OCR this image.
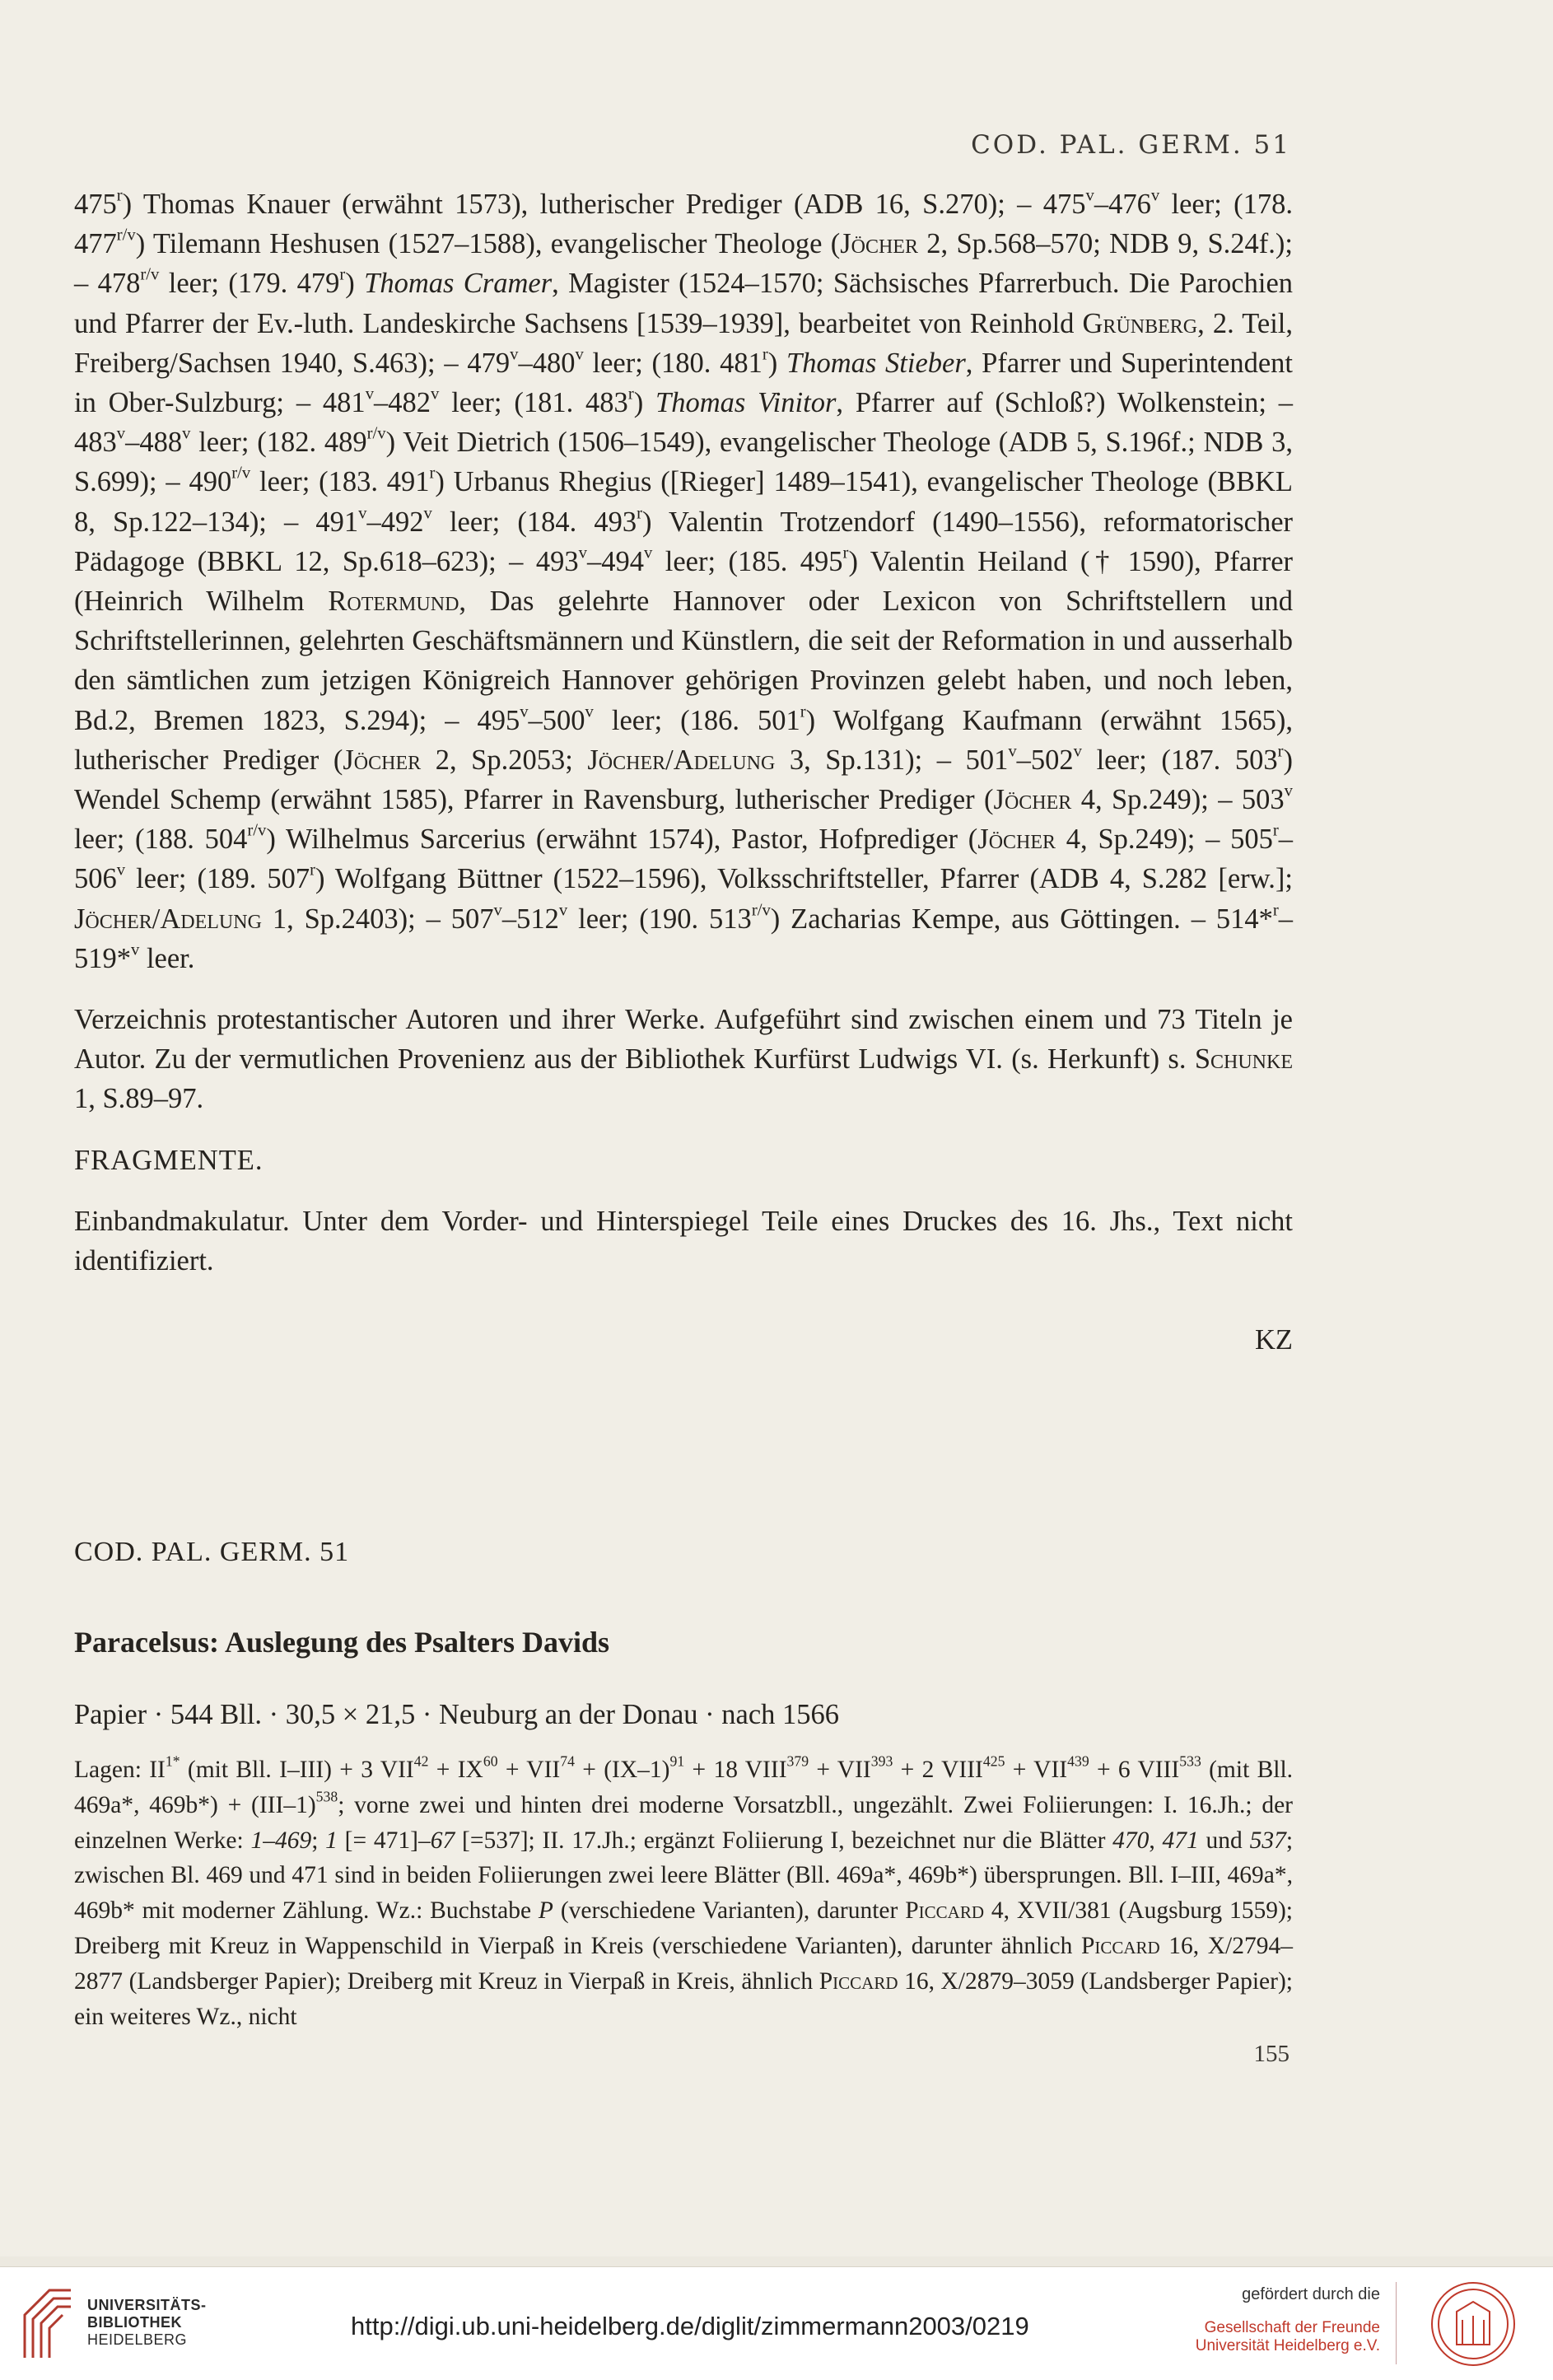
COD. PAL. GERM. 51

475$^r$) Thomas Knauer (erwähnt 1573), lutherischer Prediger (ADB 16, S.270); – 475$^v$–476$^v$ leer; (178. $477^{r/v}$) Tilemann Heshusen (1527–1588), evangelischer Theologe (Jöcher 2, Sp.568–570; NDB 9, S.24f.); – $478^{r/v}$ leer; (179. 479$^r$) Thomas Cramer, Magister (1524–1570; Sächsisches Pfarrerbuch. Die Parochien und Pfarrer der Ev.-luth. Landeskirche Sachsens [1539–1939], bearbeitet von Reinhold Grünberg, 2. Teil, Freiberg/Sachsen 1940, S.463); – 479$^v$–480$^v$ leer; (180. 481$^r$) Thomas Stieber, Pfarrer und Superintendent in Ober-Sulzburg; – 481$^v$–482$^v$ leer; (181. 483$^r$) Thomas Vinitor, Pfarrer auf (Schloß?) Wolkenstein; – 483$^v$–488$^v$ leer; (182. $489^{r/v}$) Veit Dietrich (1506–1549), evangelischer Theologe (ADB 5, S.196f.; NDB 3, S.699); – $490^{r/v}$ leer; (183. 491$^r$) Urbanus Rhegius ([Rieger] 1489–1541), evangelischer Theologe (BBKL 8, Sp.122–134); – 491$^v$–492$^v$ leer; (184. 493$^r$) Valentin Trotzendorf (1490–1556), reformatorischer Pädagoge (BBKL 12, Sp.618–623); – 493$^v$–494$^v$ leer; (185. 495$^r$) Valentin Heiland († 1590), Pfarrer (Heinrich Wilhelm Rotermund, Das gelehrte Hannover oder Lexicon von Schriftstellern und Schriftstellerinnen, gelehrten Geschäftsmännern und Künstlern, die seit der Reformation in und ausserhalb den sämtlichen zum jetzigen Königreich Hannover gehörigen Provinzen gelebt haben, und noch leben, Bd.2, Bremen 1823, S.294); – 495$^v$–500$^v$ leer; (186. 501$^r$) Wolfgang Kaufmann (erwähnt 1565), lutherischer Prediger (Jöcher 2, Sp.2053; Jöcher/Adelung 3, Sp.131); – 501$^v$–502$^v$ leer; (187. 503$^r$) Wendel Schemp (erwähnt 1585), Pfarrer in Ravensburg, lutherischer Prediger (Jöcher 4, Sp.249); – 503$^v$ leer; (188. $504^{r/v}$) Wilhelmus Sarcerius (erwähnt 1574), Pastor, Hofprediger (Jöcher 4, Sp.249); – 505$^r$–506$^v$ leer; (189. 507$^r$) Wolfgang Büttner (1522–1596), Volksschriftsteller, Pfarrer (ADB 4, S.282 [erw.]; Jöcher/Adelung 1, Sp.2403); – 507$^v$–512$^v$ leer; (190. $513^{r/v}$) Zacharias Kempe, aus Göttingen. – 514*$^r$–519*$^v$ leer.

Verzeichnis protestantischer Autoren und ihrer Werke. Aufgeführt sind zwischen einem und 73 Titeln je Autor. Zu der vermutlichen Provenienz aus der Bibliothek Kurfürst Ludwigs VI. (s. Herkunft) s. Schunke 1, S.89–97.

FRAGMENTE.

Einbandmakulatur. Unter dem Vorder- und Hinterspiegel Teile eines Druckes des 16. Jhs., Text nicht identifiziert.

KZ

COD. PAL. GERM. 51

Paracelsus: Auslegung des Psalters Davids

Papier · 544 Bll. · 30,5 × 21,5 · Neuburg an der Donau · nach 1566

Lagen: $II^{1*}$ (mit Bll. I–III) + 3 $VII^{42} + IX^{60} + VII^{74} + (IX-1)^{91} + 18$ $VIII^{379} + VII^{393} + 2$ $VIII^{425} + VII^{439} + 6$ VIII$^{533}$ (mit Bll. 469a*, $469b*) + (III-1)^{538}$; vorne zwei und hinten drei moderne Vorsatzbll., ungezählt. Zwei Foliierungen: I. 16.Jh.; der einzelnen Werke: 1–469; 1 [= 471]–67 [=537]; II. 17.Jh.; ergänzt Foliierung I, bezeichnet nur die Blätter 470, 471 und 537; zwischen Bl. 469 und 471 sind in beiden Foliierungen zwei leere Blätter (Bll. 469a*, 469b*) übersprungen. Bll. I–III, 469a*, 469b* mit moderner Zählung. Wz.: Buchstabe P (verschiedene Varianten), darunter Piccard 4, XVII/381 (Augsburg 1559); Dreiberg mit Kreuz in Wappenschild in Vierpaß in Kreis (verschiedene Varianten), darunter ähnlich Piccard 16, X/2794–2877 (Landsberger Papier); Dreiberg mit Kreuz in Vierpaß in Kreis, ähnlich Piccard 16, X/2879–3059 (Landsberger Papier); ein weiteres Wz., nicht

155
UNIVERSITÄTS-
BIBLIOTHEK
HEIDELBERG	http://digi.ub.uni-heidelberg.de/diglit/zimmermann2003/0219
gefördert durch die
Gesellschaft der Freunde
Universität Heidelberg e.V.
